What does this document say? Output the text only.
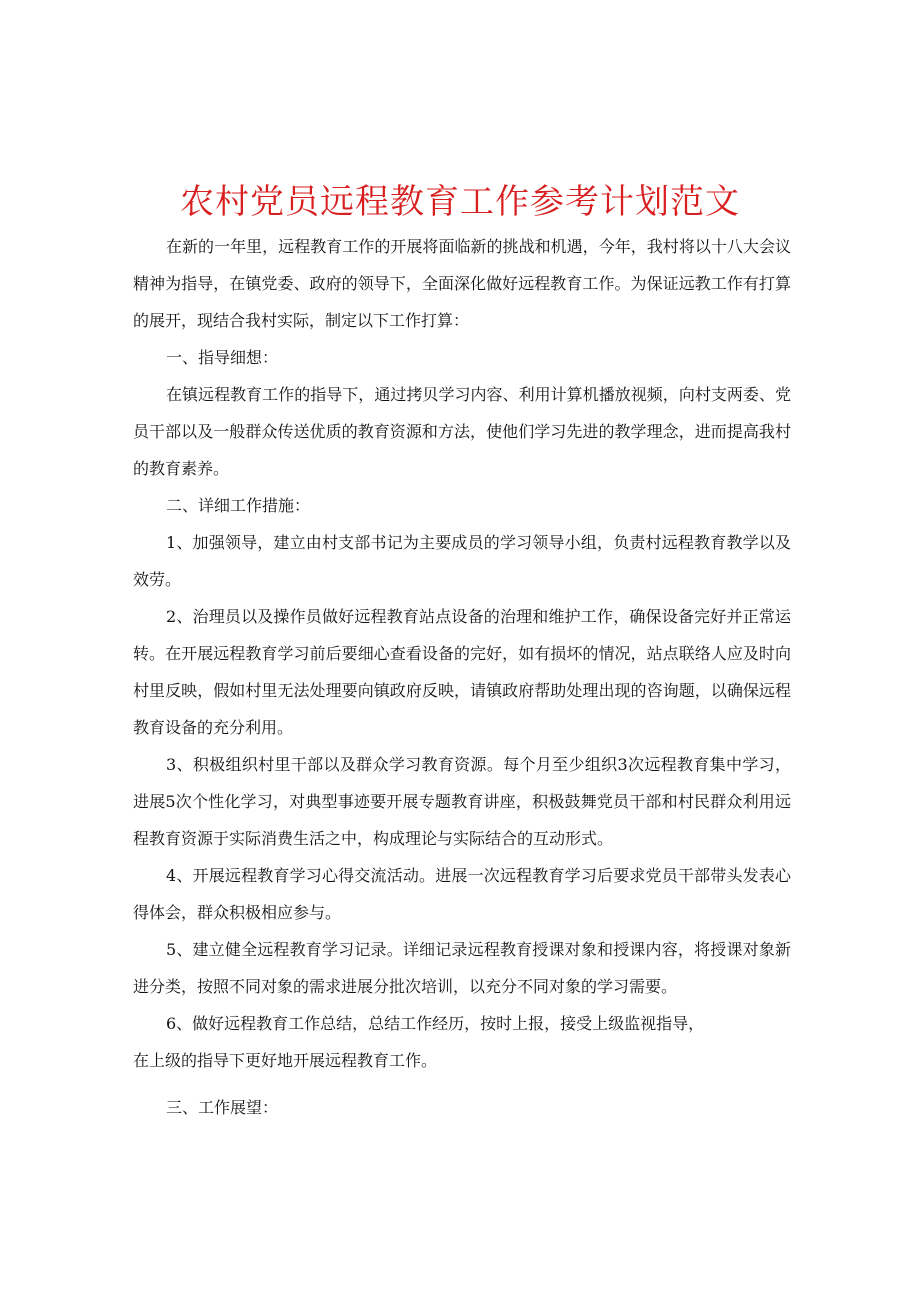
农村党员远程教育工作参考计划范文

在新的一年里，远程教育工作的开展将面临新的挑战和机遇，今年，我村将以十八大会议精神为指导，在镇党委、政府的领导下，全面深化做好远程教育工作。为保证远教工作有打算的展开，现结合我村实际，制定以下工作打算：

一、指导细想：

在镇远程教育工作的指导下，通过拷贝学习内容、利用计算机播放视频，向村支两委、党员干部以及一般群众传送优质的教育资源和方法，使他们学习先进的教学理念，进而提高我村的教育素养。

二、详细工作措施：

1、加强领导，建立由村支部书记为主要成员的学习领导小组，负责村远程教育教学以及效劳。

2、治理员以及操作员做好远程教育站点设备的治理和维护工作，确保设备完好并正常运转。在开展远程教育学习前后要细心查看设备的完好，如有损坏的情况，站点联络人应及时向村里反映，假如村里无法处理要向镇政府反映，请镇政府帮助处理出现的咨询题，以确保远程教育设备的充分利用。

3、积极组织村里干部以及群众学习教育资源。每个月至少组织3次远程教育集中学习，进展5次个性化学习，对典型事迹要开展专题教育讲座，积极鼓舞党员干部和村民群众利用远程教育资源于实际消费生活之中，构成理论与实际结合的互动形式。

4、开展远程教育学习心得交流活动。进展一次远程教育学习后要求党员干部带头发表心得体会，群众积极相应参与。

5、建立健全远程教育学习记录。详细记录远程教育授课对象和授课内容，将授课对象新进分类，按照不同对象的需求进展分批次培训，以充分不同对象的学习需要。

6、做好远程教育工作总结，总结工作经历，按时上报，接受上级监视指导，

在上级的指导下更好地开展远程教育工作。

三、工作展望：
